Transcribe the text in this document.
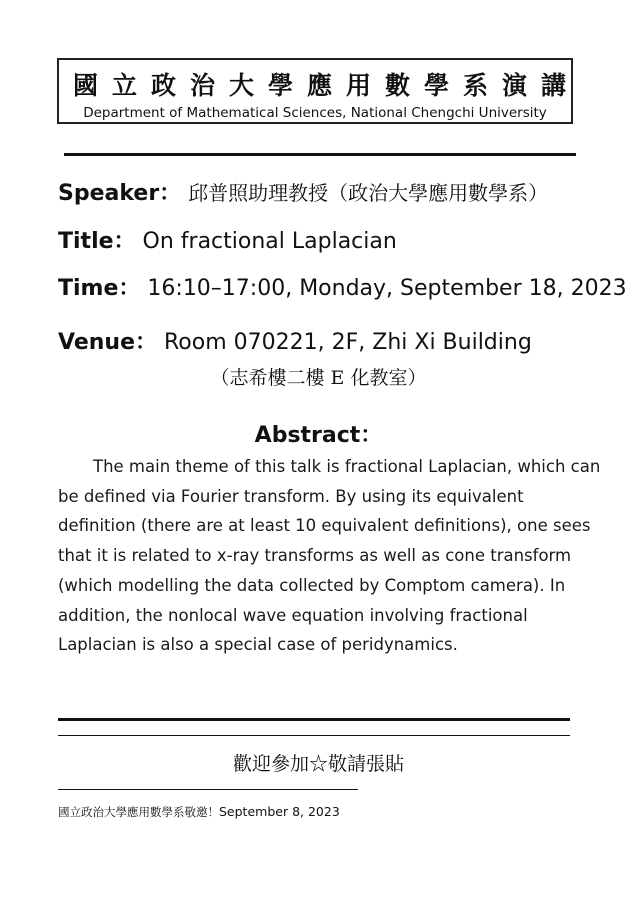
國立政治大學應用數學系演講
Department of Mathematical Sciences, National Chengchi University
Speaker： 邱普照助理教授（政治大學應用數學系）
Title： On fractional Laplacian
Time： 16:10–17:00, Monday, September 18, 2023
Venue： Room 070221, 2F, Zhi Xi Building
（志希樓二樓 E 化教室）
Abstract：
The main theme of this talk is fractional Laplacian, which can
be defined via Fourier transform. By using its equivalent
definition (there are at least 10 equivalent definitions), one sees
that it is related to x-ray transforms as well as cone transform
(which modelling the data collected by Comptom camera). In
addition, the nonlocal wave equation involving fractional
Laplacian is also a special case of peridynamics.
歡迎參加☆敬請張貼
國立政治大學應用數學系敬邀！September 8, 2023
